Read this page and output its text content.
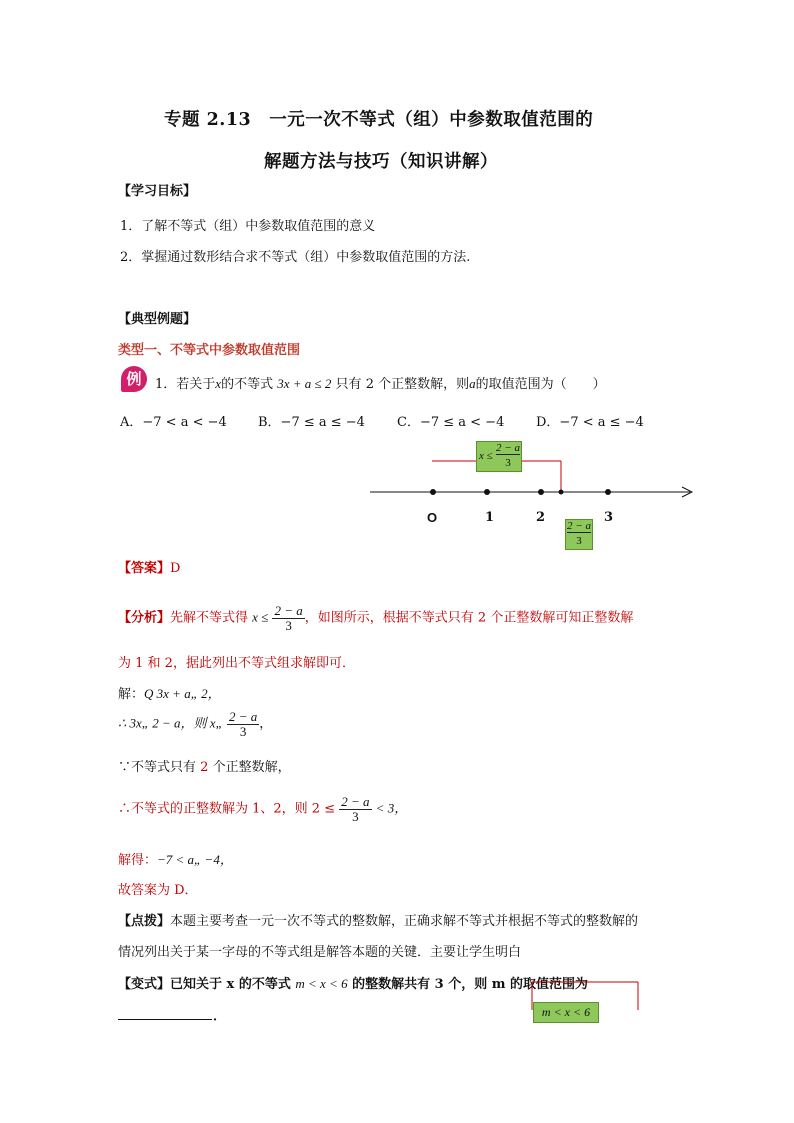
专题 2.13　一元一次不等式（组）中参数取值范围的
解题方法与技巧（知识讲解）
【学习目标】
1．了解不等式（组）中参数取值范围的意义
2．掌握通过数形结合求不等式（组）中参数取值范围的方法.
【典型例题】
类型一、不等式中参数取值范围
例	1．若关于x的不等式 3x + a ≤ 2 只有 2 个正整数解，则a的取值范围为（　　）
A．−7 < a < −4 B．−7 ≤ a ≤ −4 C．−7 ≤ a < −4 D．−7 < a ≤ −4
x ≤
2 − a
3
O	1	2	3
$\frac{2 - a}{3}$
【答案】D
【分析】先解不等式得 $x \le \frac{2 - a}{3}$ ，如图所示，根据不等式只有 2 个正整数解可知正整数解
为 1 和 2，据此列出不等式组求解即可．
解：Q 3x + a„ 2，
∴ 3x„ 2 − a，则 x„ $\frac{2 - a}{3}$ ，
∵不等式只有 2 个正整数解，
∴不等式的正整数解为 1、2，则 $2 \le \frac{2 - a}{3} < 3$，
解得：−7 < a„ −4，
故答案为 D．
【点拨】本题主要考查一元一次不等式的整数解，正确求解不等式并根据不等式的整数解的
情况列出关于某一字母的不等式组是解答本题的关键．主要让学生明白
【变式】已知关于 x 的不等式 m < x < 6 的整数解共有 3 个，则 m 的取值范围为
．	m < x < 6
